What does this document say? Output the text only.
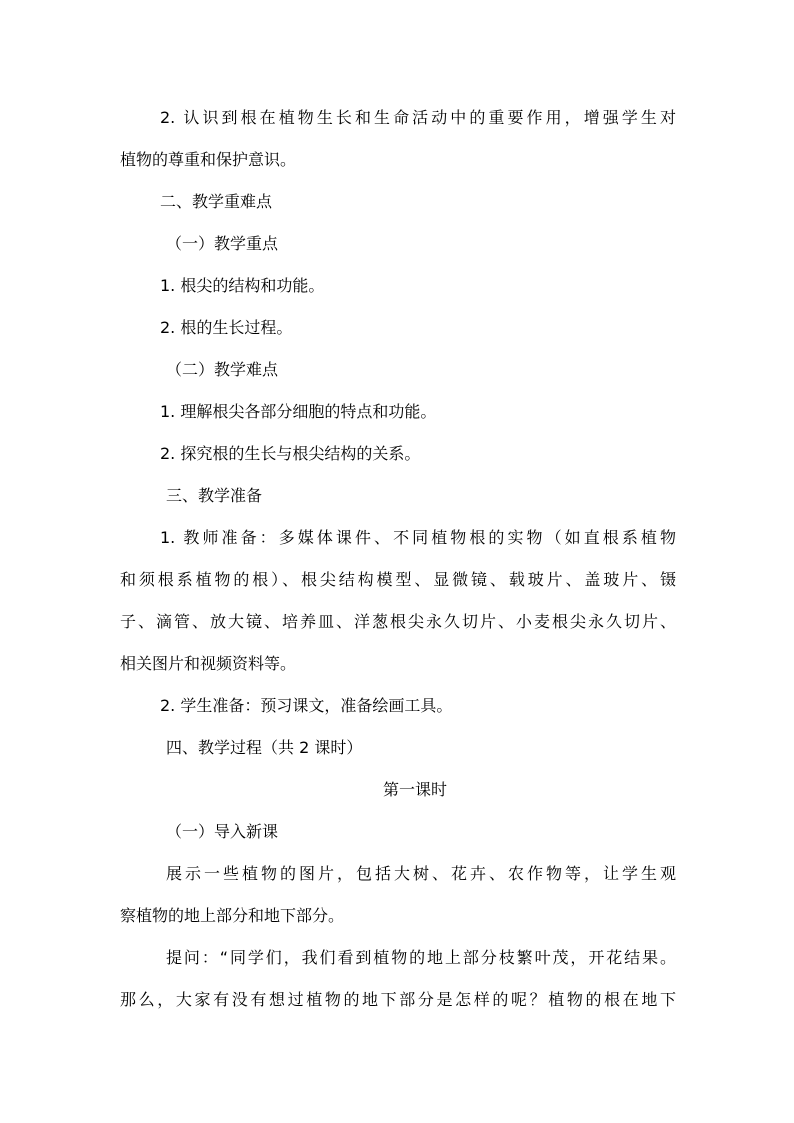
2. 认识到根在植物生长和生命活动中的重要作用，增强学生对
植物的尊重和保护意识。
二、教学重难点
（一）教学重点
1. 根尖的结构和功能。
2. 根的生长过程。
（二）教学难点
1. 理解根尖各部分细胞的特点和功能。
2. 探究根的生长与根尖结构的关系。
三、教学准备
1. 教师准备：多媒体课件、不同植物根的实物（如直根系植物
和须根系植物的根）、根尖结构模型、显微镜、载玻片、盖玻片、镊
子、滴管、放大镜、培养皿、洋葱根尖永久切片、小麦根尖永久切片、
相关图片和视频资料等。
2. 学生准备：预习课文，准备绘画工具。
四、教学过程（共 2 课时）
第一课时
（一）导入新课
展示一些植物的图片，包括大树、花卉、农作物等，让学生观
察植物的地上部分和地下部分。
提问：“同学们，我们看到植物的地上部分枝繁叶茂，开花结果。
那么，大家有没有想过植物的地下部分是怎样的呢？植物的根在地下
